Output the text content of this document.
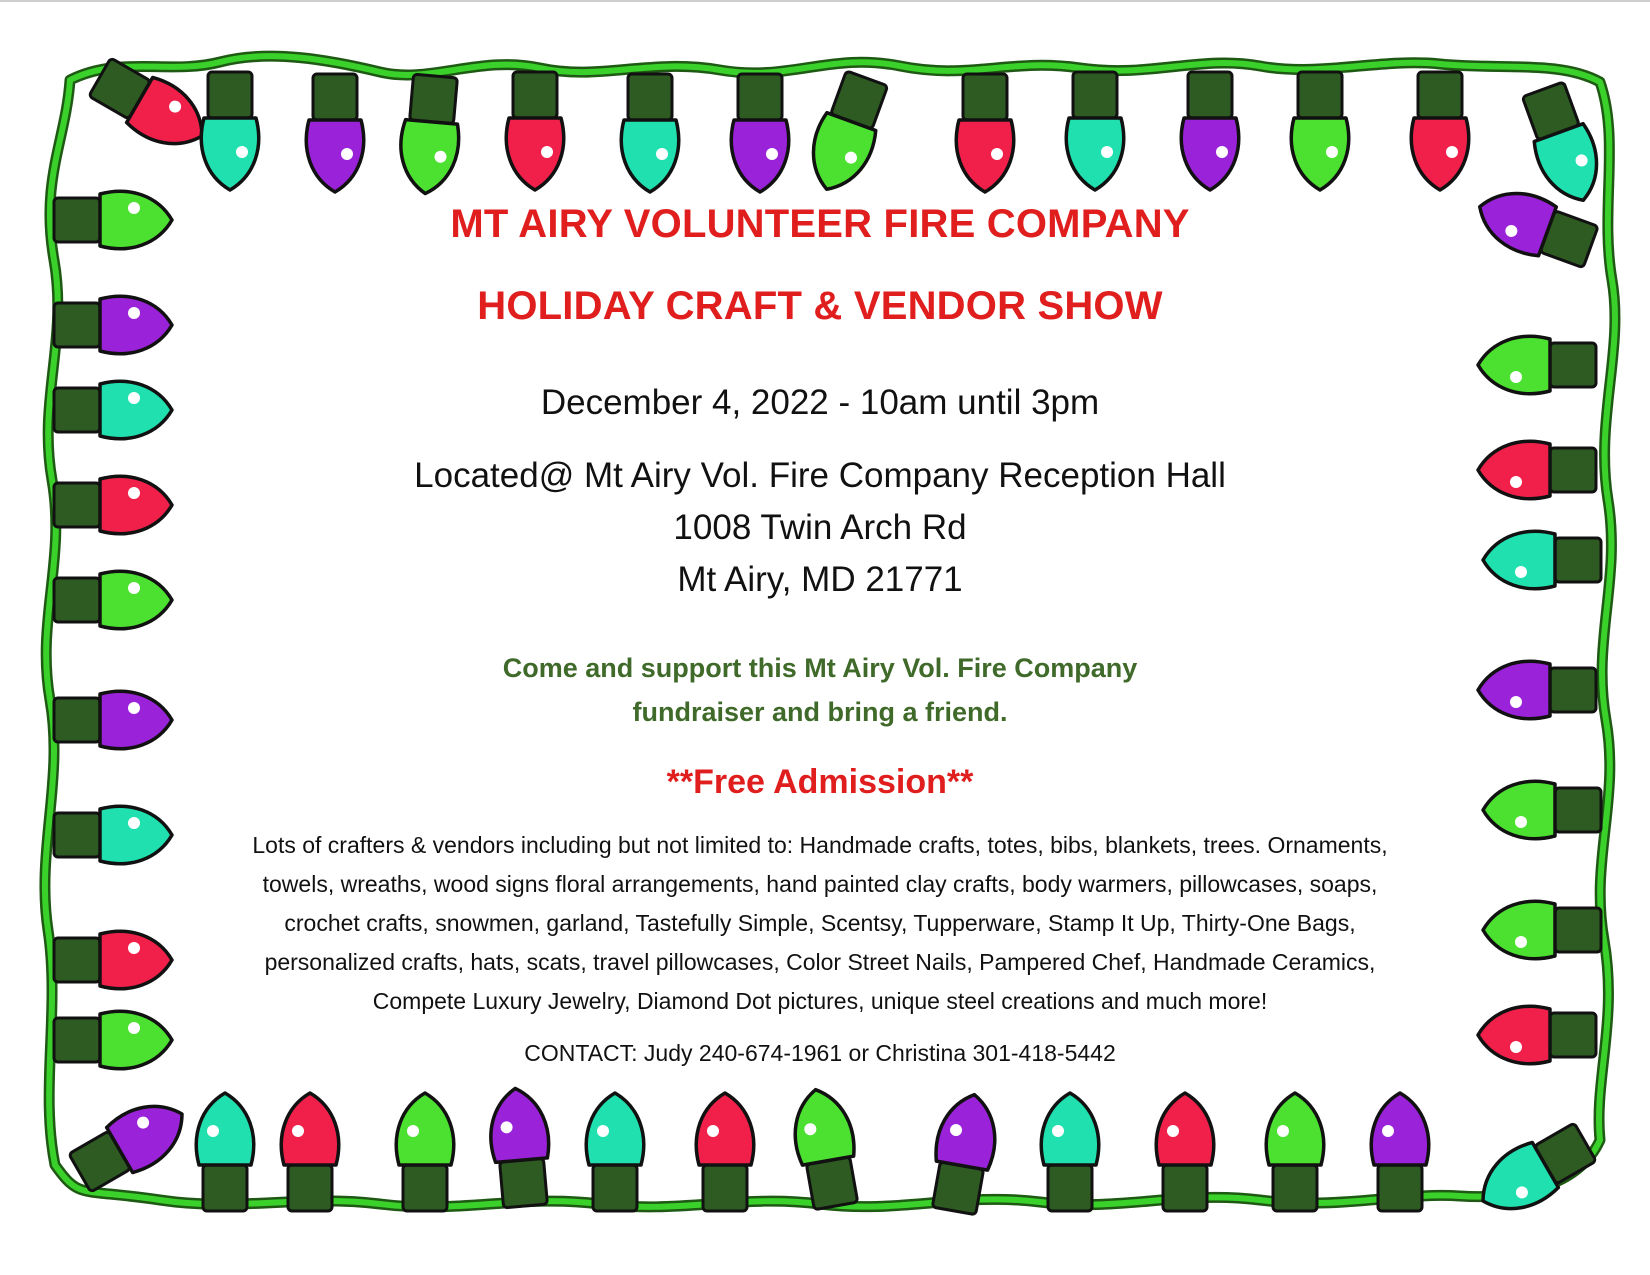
MT AIRY VOLUNTEER FIRE COMPANY
HOLIDAY CRAFT & VENDOR SHOW
December 4, 2022 - 10am until 3pm
Located@ Mt Airy Vol. Fire Company Reception Hall
1008 Twin Arch Rd
Mt Airy, MD 21771
Come and support this Mt Airy Vol. Fire Company
fundraiser and bring a friend.
**Free Admission**
Lots of crafters & vendors including but not limited to: Handmade crafts, totes, bibs, blankets, trees. Ornaments,
towels, wreaths, wood signs floral arrangements, hand painted clay crafts, body warmers, pillowcases, soaps,
crochet crafts, snowmen, garland, Tastefully Simple, Scentsy, Tupperware, Stamp It Up, Thirty-One Bags,
personalized crafts, hats, scats, travel pillowcases, Color Street Nails, Pampered Chef, Handmade Ceramics,
Compete Luxury Jewelry, Diamond Dot pictures, unique steel creations and much more!
CONTACT: Judy 240-674-1961 or Christina 301-418-5442
